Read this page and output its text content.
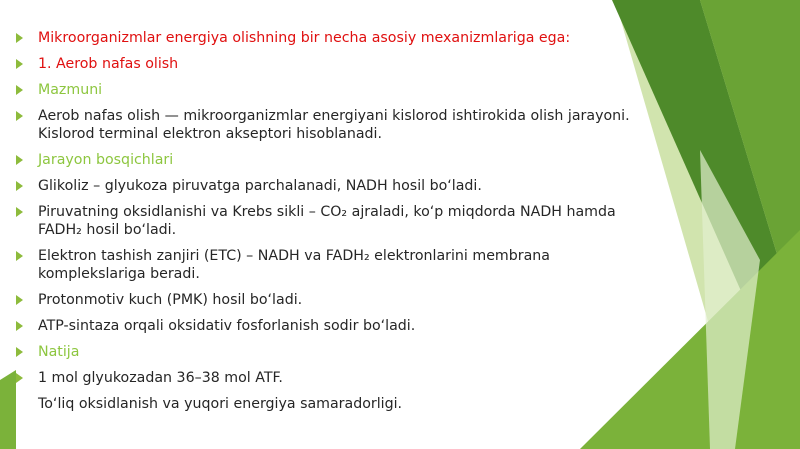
Mikroorganizmlar energiya olishning bir necha asosiy mexanizmlariga ega:
1. Aerob nafas olish
Mazmuni
Aerob nafas olish — mikroorganizmlar energiyani kislorod ishtirokida olish jarayoni.
Kislorod terminal elektron akseptori hisoblanadi.
Jarayon bosqichlari
Glikoliz – glyukoza piruvatga parchalanadi, NADH hosil bo‘ladi.
Piruvatning oksidlanishi va Krebs sikli – CO₂ ajraladi, ko‘p miqdorda NADH hamda
FADH₂ hosil bo‘ladi.
Elektron tashish zanjiri (ETC) – NADH va FADH₂ elektronlarini membrana
komplekslariga beradi.
Protonmotiv kuch (PMK) hosil bo‘ladi.
ATP-sintaza orqali oksidativ fosforlanish sodir bo‘ladi.
Natija
1 mol glyukozadan 36–38 mol ATF.
To‘liq oksidlanish va yuqori energiya samaradorligi.
